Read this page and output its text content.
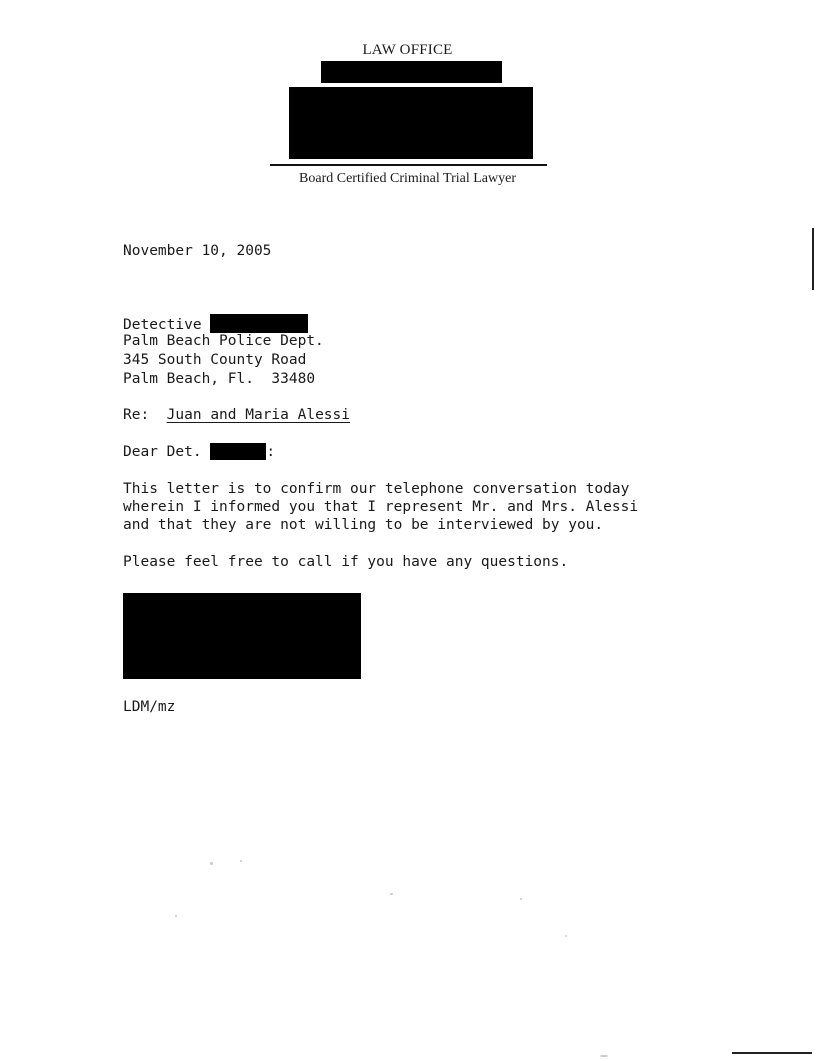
LAW OFFICE
Board Certified Criminal Trial Lawyer
November 10, 2005
Detective
Palm Beach Police Dept.
345 South County Road
Palm Beach, Fl.  33480
Re: Juan and Maria Alessi
Dear Det.	:
This letter is to confirm our telephone conversation today
wherein I informed you that I represent Mr. and Mrs. Alessi
and that they are not willing to be interviewed by you.
Please feel free to call if you have any questions.
LDM/mz
